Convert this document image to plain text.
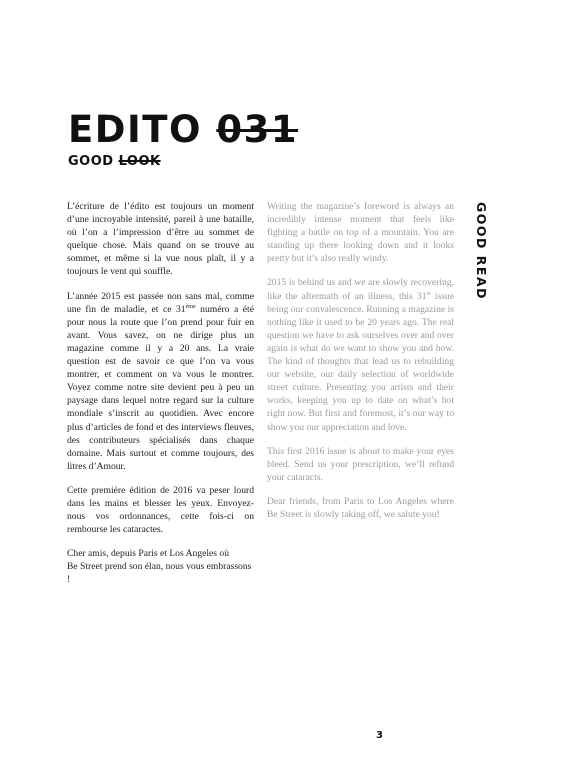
EDITO 031
GOOD LOOK

L’écriture de l’édito est toujours un moment d’une incroyable intensité, pareil à une bataille, où l’on a l’impression d’être au sommet de quelque chose. Mais quand on se trouve au sommet, et même si la vue nous plaît, il y a toujours le vent qui souffle.

L’année 2015 est passée non sans mal, comme une fin de maladie, et ce 31ème numéro a été pour nous la route que l’on prend pour fuir en avant. Vous savez, on ne dirige plus un magazine comme il y a 20 ans. La vraie question est de savoir ce que l’on va vous montrer, et comment on va vous le montrer. Voyez comme notre site devient peu à peu un paysage dans lequel notre regard sur la culture mondiale s’inscrit au quotidien. Avec encore plus d’articles de fond et des interviews fleuves, des contributeurs spécialisés dans chaque domaine. Mais surtout et comme toujours, des litres d’Amour.

Cette première édition de 2016 va peser lourd dans les mains et blesser les yeux. Envoyez-nous vos ordonnances, cette fois-ci on rembourse les cataractes.

Cher amis, depuis Paris et Los Angeles où
Be Street prend son élan, nous vous embrassons !

Writing the magazine’s foreword is always an incredibly intense moment that feels like fighting a battle on top of a mountain. You are standing up there looking down and it looks pretty but it’s also really windy.

2015 is behind us and we are slowly recovering, like the aftermath of an illness, this 31st issue being our convalescence. Running a magazine is nothing like it used to be 20 years ago. The real question we have to ask ourselves over and over again is what do we want to show you and how. The kind of thoughts that lead us to rebuilding our website, our daily selection of worldwide street culture. Presenting you artists and their works, keeping you up to date on what’s hot right now. But first and foremost, it’s our way to show you our appreciation and love.

This first 2016 issue is about to make your eyes bleed. Send us your prescription, we’ll refund your cataracts.

Dear friends, from Paris to Los Angeles where Be Street is slowly taking off, we salute you!

GOOD READ
3
